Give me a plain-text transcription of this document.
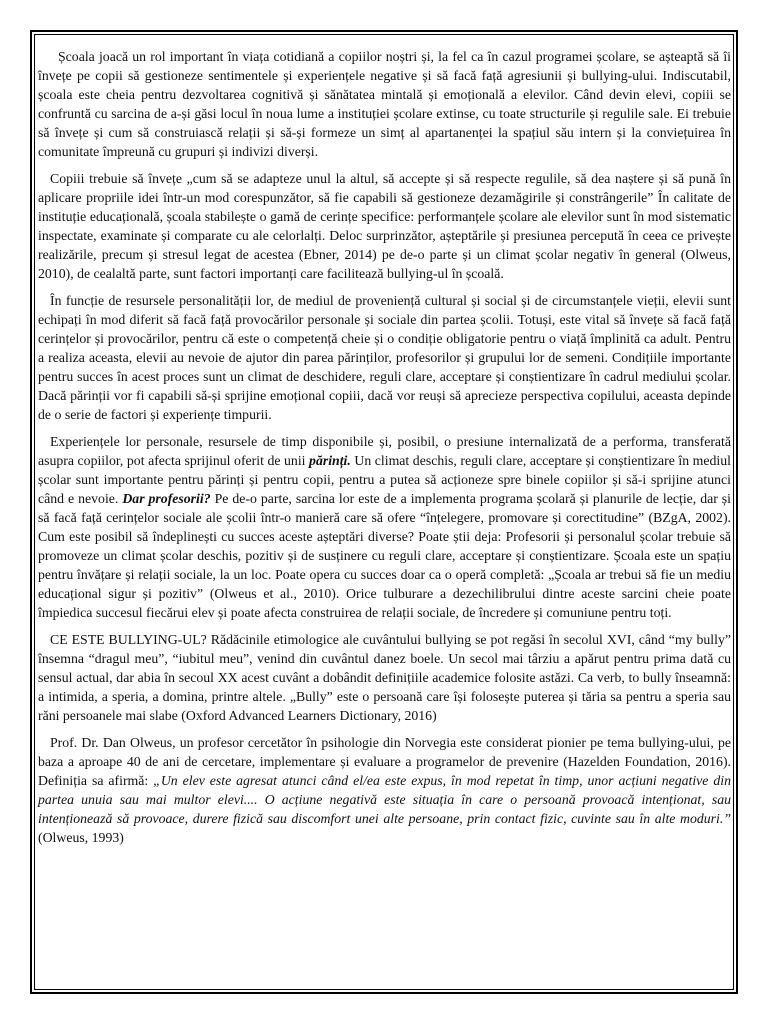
Școala joacă un rol important în viața cotidiană a copiilor noștri și, la fel ca în cazul programei școlare, se așteaptă să îi învețe pe copii să gestioneze sentimentele și experiențele negative și să facă față agresiunii și bullying-ului. Indiscutabil, școala este cheia pentru dezvoltarea cognitivă și sănătatea mintală și emoțională a elevilor. Când devin elevi, copiii se confruntă cu sarcina de a-și găsi locul în noua lume a instituției școlare extinse, cu toate structurile și regulile sale. Ei trebuie să învețe și cum să construiască relații și să-și formeze un simț al apartanenței la spațiul său intern și la conviețuirea în comunitate împreună cu grupuri și indivizi diverși.

Copiii trebuie să învețe „cum să se adapteze unul la altul, să accepte și să respecte regulile, să dea naștere și să pună în aplicare propriile idei într-un mod corespunzător, să fie capabili să gestioneze dezamăgirile și constrângerile” În calitate de instituție educațională, școala stabilește o gamă de cerințe specifice: performanțele școlare ale elevilor sunt în mod sistematic inspectate, examinate și comparate cu ale celorlalți. Deloc surprinzător, așteptările și presiunea percepută în ceea ce privește realizările, precum și stresul legat de acestea (Ebner, 2014) pe de-o parte și un climat școlar negativ în general (Olweus, 2010), de cealaltă parte, sunt factori importanți care facilitează bullying-ul în școală.

În funcție de resursele personalității lor, de mediul de proveniență cultural și social și de circumstanțele vieții, elevii sunt echipați în mod diferit să facă față provocărilor personale și sociale din partea școlii. Totuși, este vital să învețe să facă față cerințelor și provocărilor, pentru că este o competență cheie și o condiție obligatorie pentru o viață împlinită ca adult. Pentru a realiza aceasta, elevii au nevoie de ajutor din parea părinților, profesorilor și grupului lor de semeni. Condițiile importante pentru succes în acest proces sunt un climat de deschidere, reguli clare, acceptare și conștientizare în cadrul mediului școlar. Dacă părinții vor fi capabili să-și sprijine emoțional copiii, dacă vor reuși să aprecieze perspectiva copilului, aceasta depinde de o serie de factori și experiențe timpurii.

Experiențele lor personale, resursele de timp disponibile și, posibil, o presiune internalizată de a performa, transferată asupra copiilor, pot afecta sprijinul oferit de unii părinți. Un climat deschis, reguli clare, acceptare și conștientizare în mediul școlar sunt importante pentru părinți și pentru copii, pentru a putea să acționeze spre binele copiilor și să-i sprijine atunci când e nevoie. Dar profesorii? Pe de-o parte, sarcina lor este de a implementa programa școlară și planurile de lecție, dar și să facă față cerințelor sociale ale școlii într-o manieră care să ofere “înțelegere, promovare și corectitudine” (BZgA, 2002). Cum este posibil să îndeplinești cu succes aceste așteptări diverse? Poate știi deja: Profesorii și personalul școlar trebuie să promoveze un climat școlar deschis, pozitiv și de susținere cu reguli clare, acceptare și conștientizare. Școala este un spațiu pentru învățare și relații sociale, la un loc. Poate opera cu succes doar ca o operă completă: „Școala ar trebui să fie un mediu educațional sigur și pozitiv” (Olweus et al., 2010). Orice tulburare a dezechilibrului dintre aceste sarcini cheie poate împiedica succesul fiecărui elev și poate afecta construirea de relații sociale, de încredere și comuniune pentru toți.

CE ESTE BULLYING-UL? Rădăcinile etimologice ale cuvântului bullying se pot regăsi în secolul XVI, când “my bully” însemna “dragul meu”, “iubitul meu”, venind din cuvântul danez boele. Un secol mai târziu a apărut pentru prima dată cu sensul actual, dar abia în secoul XX acest cuvânt a dobândit definițiile academice folosite astăzi. Ca verb, to bully înseamnă: a intimida, a speria, a domina, printre altele. „Bully” este o persoană care își folosește puterea și tăria sa pentru a speria sau răni persoanele mai slabe (Oxford Advanced Learners Dictionary, 2016)

Prof. Dr. Dan Olweus, un profesor cercetător în psihologie din Norvegia este considerat pionier pe tema bullying-ului, pe baza a aproape 40 de ani de cercetare, implementare și evaluare a programelor de prevenire (Hazelden Foundation, 2016). Definiția sa afirmă: „Un elev este agresat atunci când el/ea este expus, în mod repetat în timp, unor acțiuni negative din partea unuia sau mai multor elevi.... O acțiune negativă este situația în care o persoană provoacă intenționat, sau intenționează să provoace, durere fizică sau discomfort unei alte persoane, prin contact fizic, cuvinte sau în alte moduri.” (Olweus, 1993)
